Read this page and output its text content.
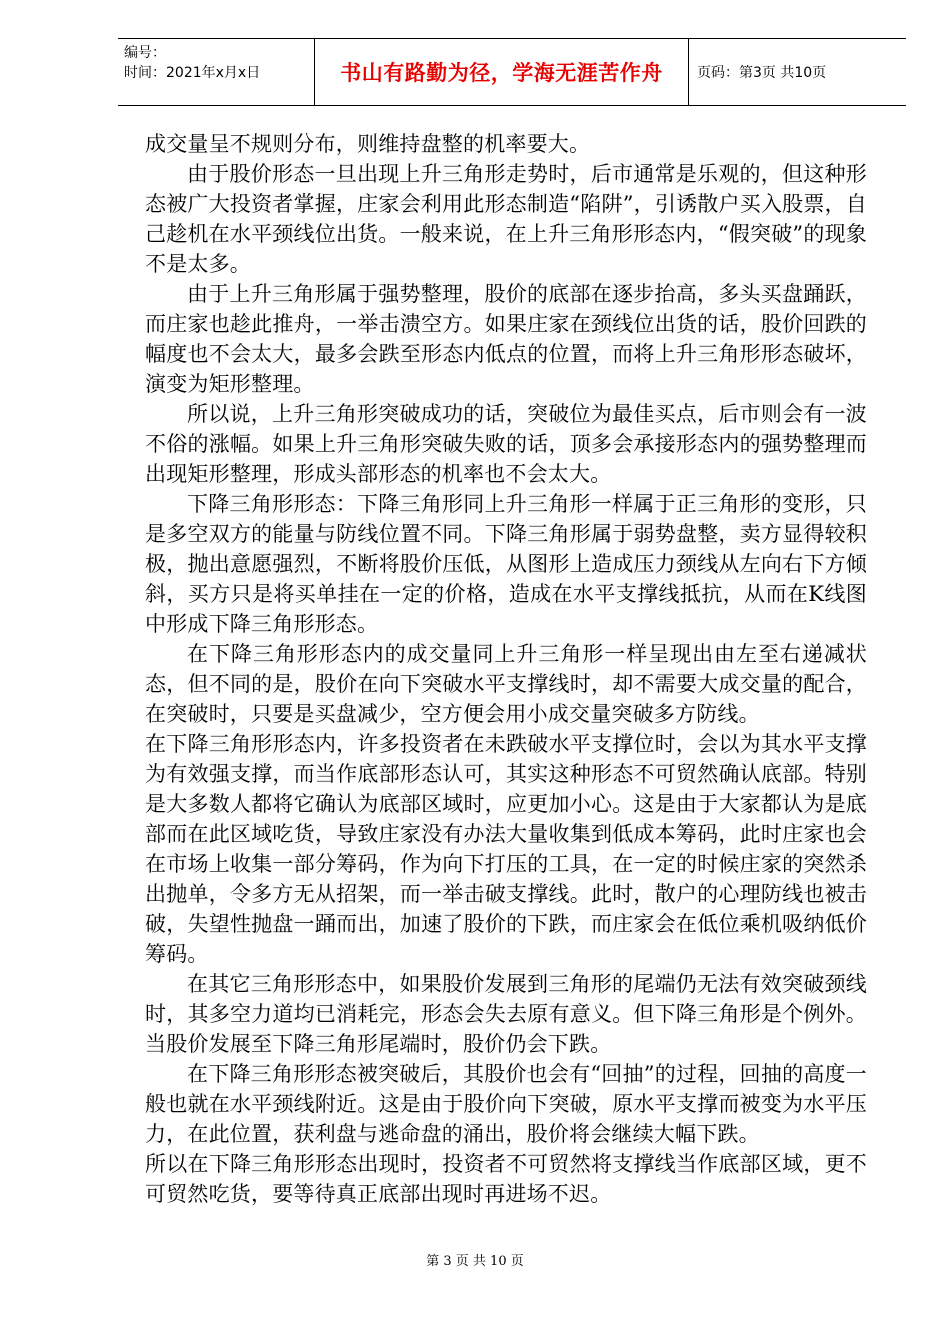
编号：
时间：2021年x月x日	书山有路勤为径，学海无涯苦作舟 页码：第3页 共10页

成交量呈不规则分布，则维持盘整的机率要大。

由于股价形态一旦出现上升三角形走势时，后市通常是乐观的，但这种形态被广大投资者掌握，庄家会利用此形态制造“陷阱”，引诱散户买入股票，自己趁机在水平颈线位出货。一般来说，在上升三角形形态内，“假突破”的现象不是太多。

由于上升三角形属于强势整理，股价的底部在逐步抬高，多头买盘踊跃，而庄家也趁此推舟，一举击溃空方。如果庄家在颈线位出货的话，股价回跌的幅度也不会太大，最多会跌至形态内低点的位置，而将上升三角形形态破坏，演变为矩形整理。

所以说，上升三角形突破成功的话，突破位为最佳买点，后市则会有一波不俗的涨幅。如果上升三角形突破失败的话，顶多会承接形态内的强势整理而出现矩形整理，形成头部形态的机率也不会太大。

下降三角形形态：下降三角形同上升三角形一样属于正三角形的变形，只是多空双方的能量与防线位置不同。下降三角形属于弱势盘整，卖方显得较积极，抛出意愿强烈，不断将股价压低，从图形上造成压力颈线从左向右下方倾斜，买方只是将买单挂在一定的价格，造成在水平支撑线抵抗，从而在K线图中形成下降三角形形态。

在下降三角形形态内的成交量同上升三角形一样呈现出由左至右递减状态，但不同的是，股价在向下突破水平支撑线时，却不需要大成交量的配合，在突破时，只要是买盘减少，空方便会用小成交量突破多方防线。

在下降三角形形态内，许多投资者在未跌破水平支撑位时，会以为其水平支撑为有效强支撑，而当作底部形态认可，其实这种形态不可贸然确认底部。特别是大多数人都将它确认为底部区域时，应更加小心。这是由于大家都认为是底部而在此区域吃货，导致庄家没有办法大量收集到低成本筹码，此时庄家也会在市场上收集一部分筹码，作为向下打压的工具，在一定的时候庄家的突然杀出抛单，令多方无从招架，而一举击破支撑线。此时，散户的心理防线也被击破，失望性抛盘一踊而出，加速了股价的下跌，而庄家会在低位乘机吸纳低价筹码。

在其它三角形形态中，如果股价发展到三角形的尾端仍无法有效突破颈线时，其多空力道均已消耗完，形态会失去原有意义。但下降三角形是个例外。当股价发展至下降三角形尾端时，股价仍会下跌。

在下降三角形形态被突破后，其股价也会有“回抽”的过程，回抽的高度一般也就在水平颈线附近。这是由于股价向下突破，原水平支撑而被变为水平压力，在此位置，获利盘与逃命盘的涌出，股价将会继续大幅下跌。

所以在下降三角形形态出现时，投资者不可贸然将支撑线当作底部区域，更不可贸然吃货，要等待真正底部出现时再进场不迟。

第 3 页 共 10 页
